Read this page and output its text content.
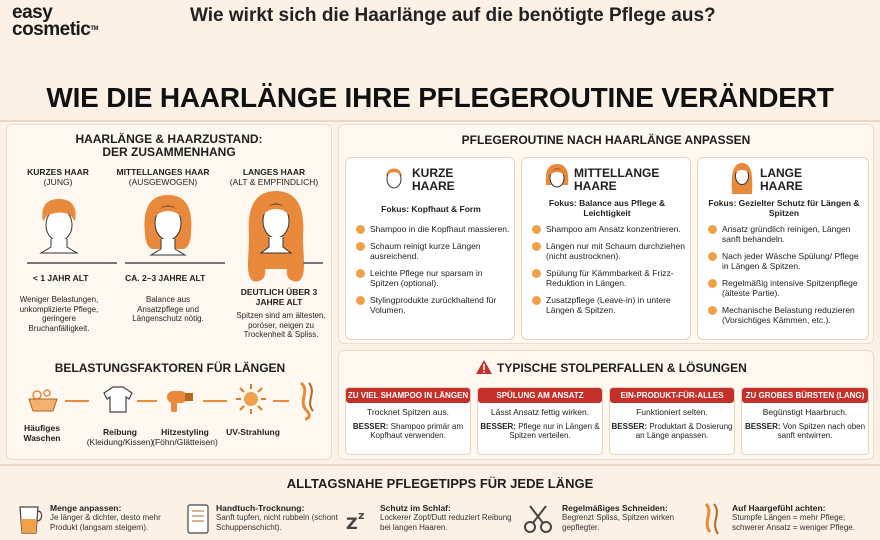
easy
cosmetic™
Wie wirkt sich die Haarlänge auf die benötigte Pflege aus?
WIE DIE HAARLÄNGE IHRE PFLEGEROUTINE VERÄNDERT
HAARLÄNGE & HAARZUSTAND:
DER ZUSAMMENHANG
KURZES HAAR
(JUNG)
MITTELLANGES HAAR
(AUSGEWOGEN)
LANGES HAAR
(ALT & EMPFINDLICH)
< 1 JAHR ALT	CA. 2–3 JAHRE ALT
DEUTLICH ÜBER 3 JAHRE ALT
Weniger Belastungen, unkomplizierte Pflege, geringere Bruchanfälligkeit.
Balance aus Ansatzpflege und Längenschutz nötig.	Spitzen sind am ältesten, poröser, neigen zu Trockenheit & Spliss.
BELASTUNGSFAKTOREN FÜR LÄNGEN
Häufiges Waschen
Reibung
(Kleidung/Kissen)
Hitzestyling
(Föhn/Glätteisen)
UV-Strahlung
PFLEGEROUTINE NACH HAARLÄNGE ANPASSEN
KURZE
HAARE
Fokus: Kopfhaut & Form
Shampoo in die Kopfhaut massieren.
Schaum reinigt kurze Längen ausreichend.
Leichte Pflege nur sparsam in Spitzen (optional).
Stylingprodukte zurückhaltend für Volumen.
MITTELLANGE
HAARE
Fokus: Balance aus Pflege & Leichtigkeit
Shampoo am Ansatz konzentrieren.
Längen nur mit Schaum durchziehen (nicht austrocknen).
Spülung für Kämmbarkeit & Frizz-Reduktion in Längen.
Zusatzpflege (Leave-in) in untere Längen & Spitzen.
LANGE
HAARE
Fokus: Gezielter Schutz für Längen & Spitzen
Ansatz gründlich reinigen, Längen sanft behandeln.
Nach jeder Wäsche Spülung/ Pflege in Längen & Spitzen.
Regelmäßig intensive Spitzenpflege (älteste Partie).
Mechanische Belastung reduzieren (Vorsichtiges Kämmen, etc.).
TYPISCHE STOLPERFALLEN & LÖSUNGEN
ZU VIEL SHAMPOO IN LÄNGEN
Trocknet Spitzen aus.
BESSER: Shampoo primär am Kopfhaut verwenden.
SPÜLUNG AM ANSATZ
Lässt Ansatz fettig wirken.
BESSER: Pflege nur in Längen & Spitzen verteilen.
EIN-PRODUKT-FÜR-ALLES
Funktioniert selten.
BESSER: Produktart & Dosierung an Länge anpassen.
ZU GROBES BÜRSTEN (LANG)
Begünstigt Haarbruch.
BESSER: Von Spitzen nach oben sanft entwirren.
ALLTAGSNAHE PFLEGETIPPS FÜR JEDE LÄNGE
Menge anpassen:
Je länger & dichter, desto mehr Produkt (langsam steigern).
Handtuch-Trocknung:
Sanft tupfen, nicht rubbeln (schont Schuppenschicht).	Z z
Schutz im Schlaf:
Lockerer Zopf/Dutt reduziert Reibung bei langen Haaren.
Regelmäßiges Schneiden:
Begrenzt Spliss, Spitzen wirken gepflegter.
Auf Haargefühl achten:
Stumpfe Längen = mehr Pflege; schwerer Ansatz = weniger Pflege.
